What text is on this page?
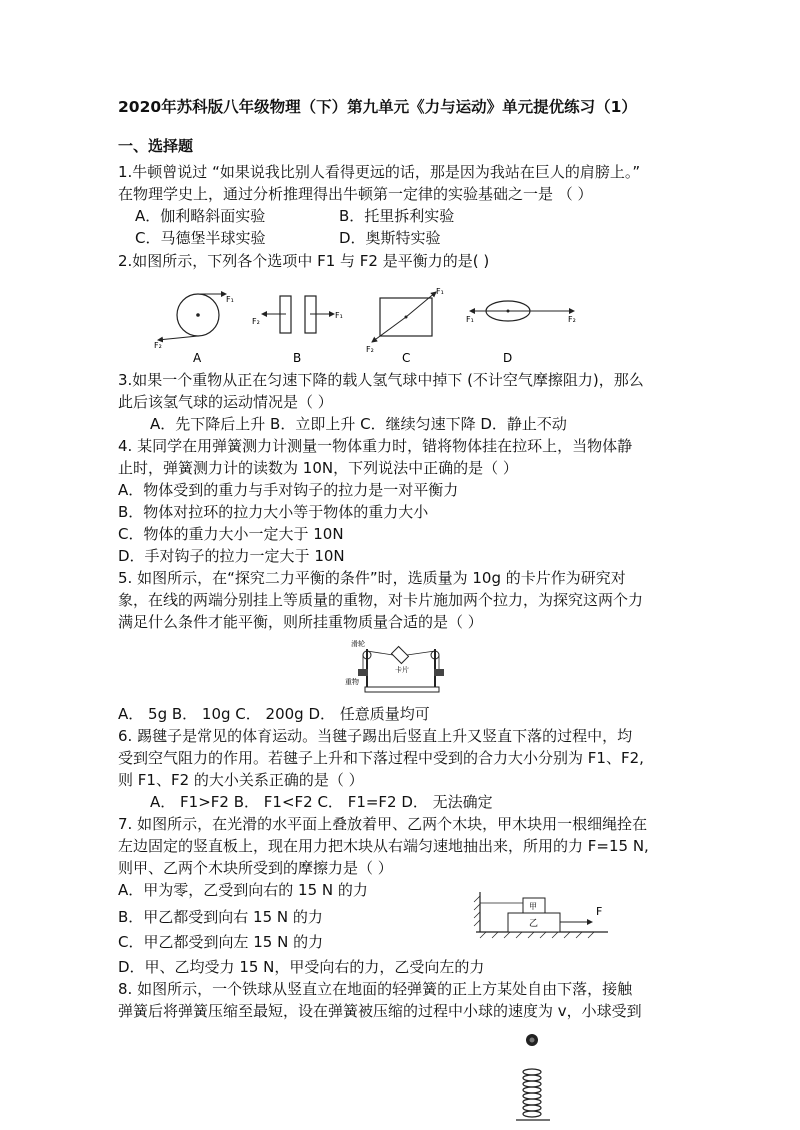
2020年苏科版八年级物理（下）第九单元《力与运动》单元提优练习（1）
一、选择题
1.牛顿曾说过 “如果说我比别人看得更远的话，那是因为我站在巨人的肩膀上。”
在物理学史上，通过分析推理得出牛顿第一定律的实验基础之一是 （ ）
A．伽利略斜面实验	B．托里拆利实验
C．马德堡半球实验	D．奥斯特实验
2.如图所示，下列各个选项中 F1 与 F2 是平衡力的是( )
F₁
F₂
A
F₂
F₁
B
F₁
F₂
C
F₁	F₂
D
3.如果一个重物从正在匀速下降的载人氢气球中掉下 (不计空气摩擦阻力)，那么
此后该氢气球的运动情况是（ ）
A．先下降后上升 B．立即上升 C．继续匀速下降 D．静止不动
4. 某同学在用弹簧测力计测量一物体重力时，错将物体挂在拉环上，当物体静
止时，弹簧测力计的读数为 10N，下列说法中正确的是（ ）
A．物体受到的重力与手对钩子的拉力是一对平衡力
B．物体对拉环的拉力大小等于物体的重力大小
C．物体的重力大小一定大于 10N
D．手对钩子的拉力一定大于 10N
5. 如图所示，在“探究二力平衡的条件”时，选质量为 10g 的卡片作为研究对
象，在线的两端分别挂上等质量的重物，对卡片施加两个拉力，为探究这两个力
满足什么条件才能平衡，则所挂重物质量合适的是（ ）
滑轮
卡片
重物
A． 5g B． 10g C． 200g D． 任意质量均可
6. 踢毽子是常见的体育运动。当毽子踢出后竖直上升又竖直下落的过程中，均
受到空气阻力的作用。若毽子上升和下落过程中受到的合力大小分别为 F1、F2,
则 F1、F2 的大小关系正确的是（ ）
A． F1>F2 B． F1<F2 C． F1=F2 D． 无法确定
7. 如图所示，在光滑的水平面上叠放着甲、乙两个木块，甲木块用一根细绳拴在
左边固定的竖直板上，现在用力把木块从右端匀速地抽出来，所用的力 F=15 N,
则甲、乙两个木块所受到的摩擦力是（ ）
A．甲为零，乙受到向右的 15 N 的力
B．甲乙都受到向右 15 N 的力
C．甲乙都受到向左 15 N 的力
D．甲、乙均受力 15 N，甲受向右的力，乙受向左的力
甲
乙
F
8. 如图所示，一个铁球从竖直立在地面的轻弹簧的正上方某处自由下落，接触
弹簧后将弹簧压缩至最短，设在弹簧被压缩的过程中小球的速度为 v，小球受到
